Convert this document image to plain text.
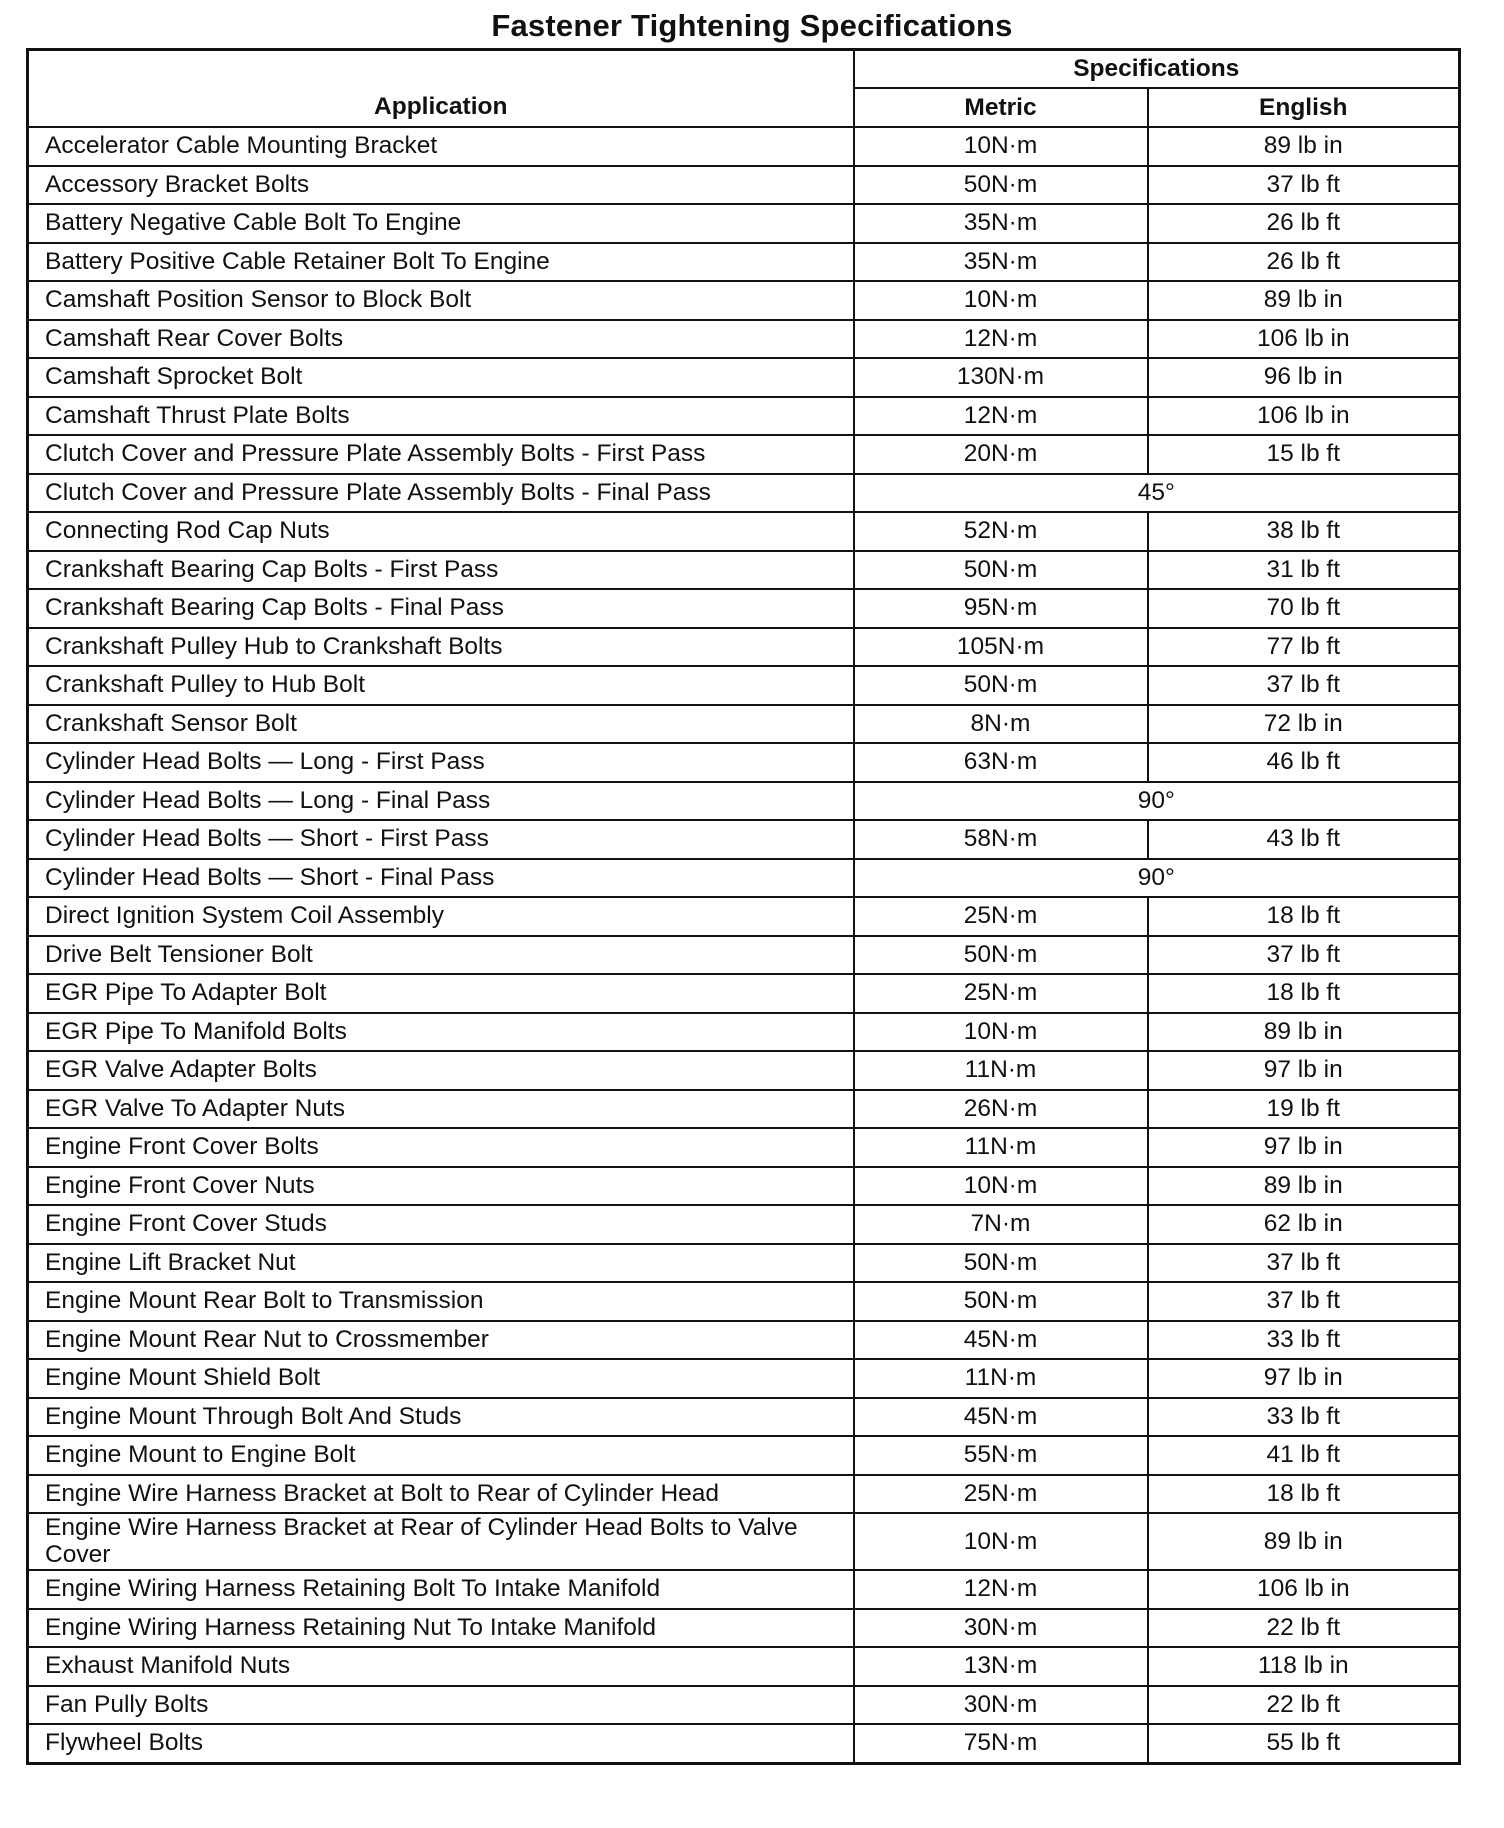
Fastener Tightening Specifications
Application	Specifications	
	Metric	English
Accelerator Cable Mounting Bracket	10N·m	89 lb in
Accessory Bracket Bolts	50N·m	37 lb ft
Battery Negative Cable Bolt To Engine	35N·m	26 lb ft
Battery Positive Cable Retainer Bolt To Engine	35N·m	26 lb ft
Camshaft Position Sensor to Block Bolt	10N·m	89 lb in
Camshaft Rear Cover Bolts	12N·m	106 lb in
Camshaft Sprocket Bolt	130N·m	96 lb in
Camshaft Thrust Plate Bolts	12N·m	106 lb in
Clutch Cover and Pressure Plate Assembly Bolts - First Pass	20N·m	15 lb ft
Clutch Cover and Pressure Plate Assembly Bolts - Final Pass	45°	
Connecting Rod Cap Nuts	52N·m	38 lb ft
Crankshaft Bearing Cap Bolts - First Pass	50N·m	31 lb ft
Crankshaft Bearing Cap Bolts - Final Pass	95N·m	70 lb ft
Crankshaft Pulley Hub to Crankshaft Bolts	105N·m	77 lb ft
Crankshaft Pulley to Hub Bolt	50N·m	37 lb ft
Crankshaft Sensor Bolt	8N·m	72 lb in
Cylinder Head Bolts — Long - First Pass	63N·m	46 lb ft
Cylinder Head Bolts — Long - Final Pass	90°	
Cylinder Head Bolts — Short - First Pass	58N·m	43 lb ft
Cylinder Head Bolts — Short - Final Pass	90°	
Direct Ignition System Coil Assembly	25N·m	18 lb ft
Drive Belt Tensioner Bolt	50N·m	37 lb ft
EGR Pipe To Adapter Bolt	25N·m	18 lb ft
EGR Pipe To Manifold Bolts	10N·m	89 lb in
EGR Valve Adapter Bolts	11N·m	97 lb in
EGR Valve To Adapter Nuts	26N·m	19 lb ft
Engine Front Cover Bolts	11N·m	97 lb in
Engine Front Cover Nuts	10N·m	89 lb in
Engine Front Cover Studs	7N·m	62 lb in
Engine Lift Bracket Nut	50N·m	37 lb ft
Engine Mount Rear Bolt to Transmission	50N·m	37 lb ft
Engine Mount Rear Nut to Crossmember	45N·m	33 lb ft
Engine Mount Shield Bolt	11N·m	97 lb in
Engine Mount Through Bolt And Studs	45N·m	33 lb ft
Engine Mount to Engine Bolt	55N·m	41 lb ft
Engine Wire Harness Bracket at Bolt to Rear of Cylinder Head	25N·m	18 lb ft
Engine Wire Harness Bracket at Rear of Cylinder Head Bolts to Valve Cover	10N·m	89 lb in
Engine Wiring Harness Retaining Bolt To Intake Manifold	12N·m	106 lb in
Engine Wiring Harness Retaining Nut To Intake Manifold	30N·m	22 lb ft
Exhaust Manifold Nuts	13N·m	118 lb in
Fan Pully Bolts	30N·m	22 lb ft
Flywheel Bolts	75N·m	55 lb ft
